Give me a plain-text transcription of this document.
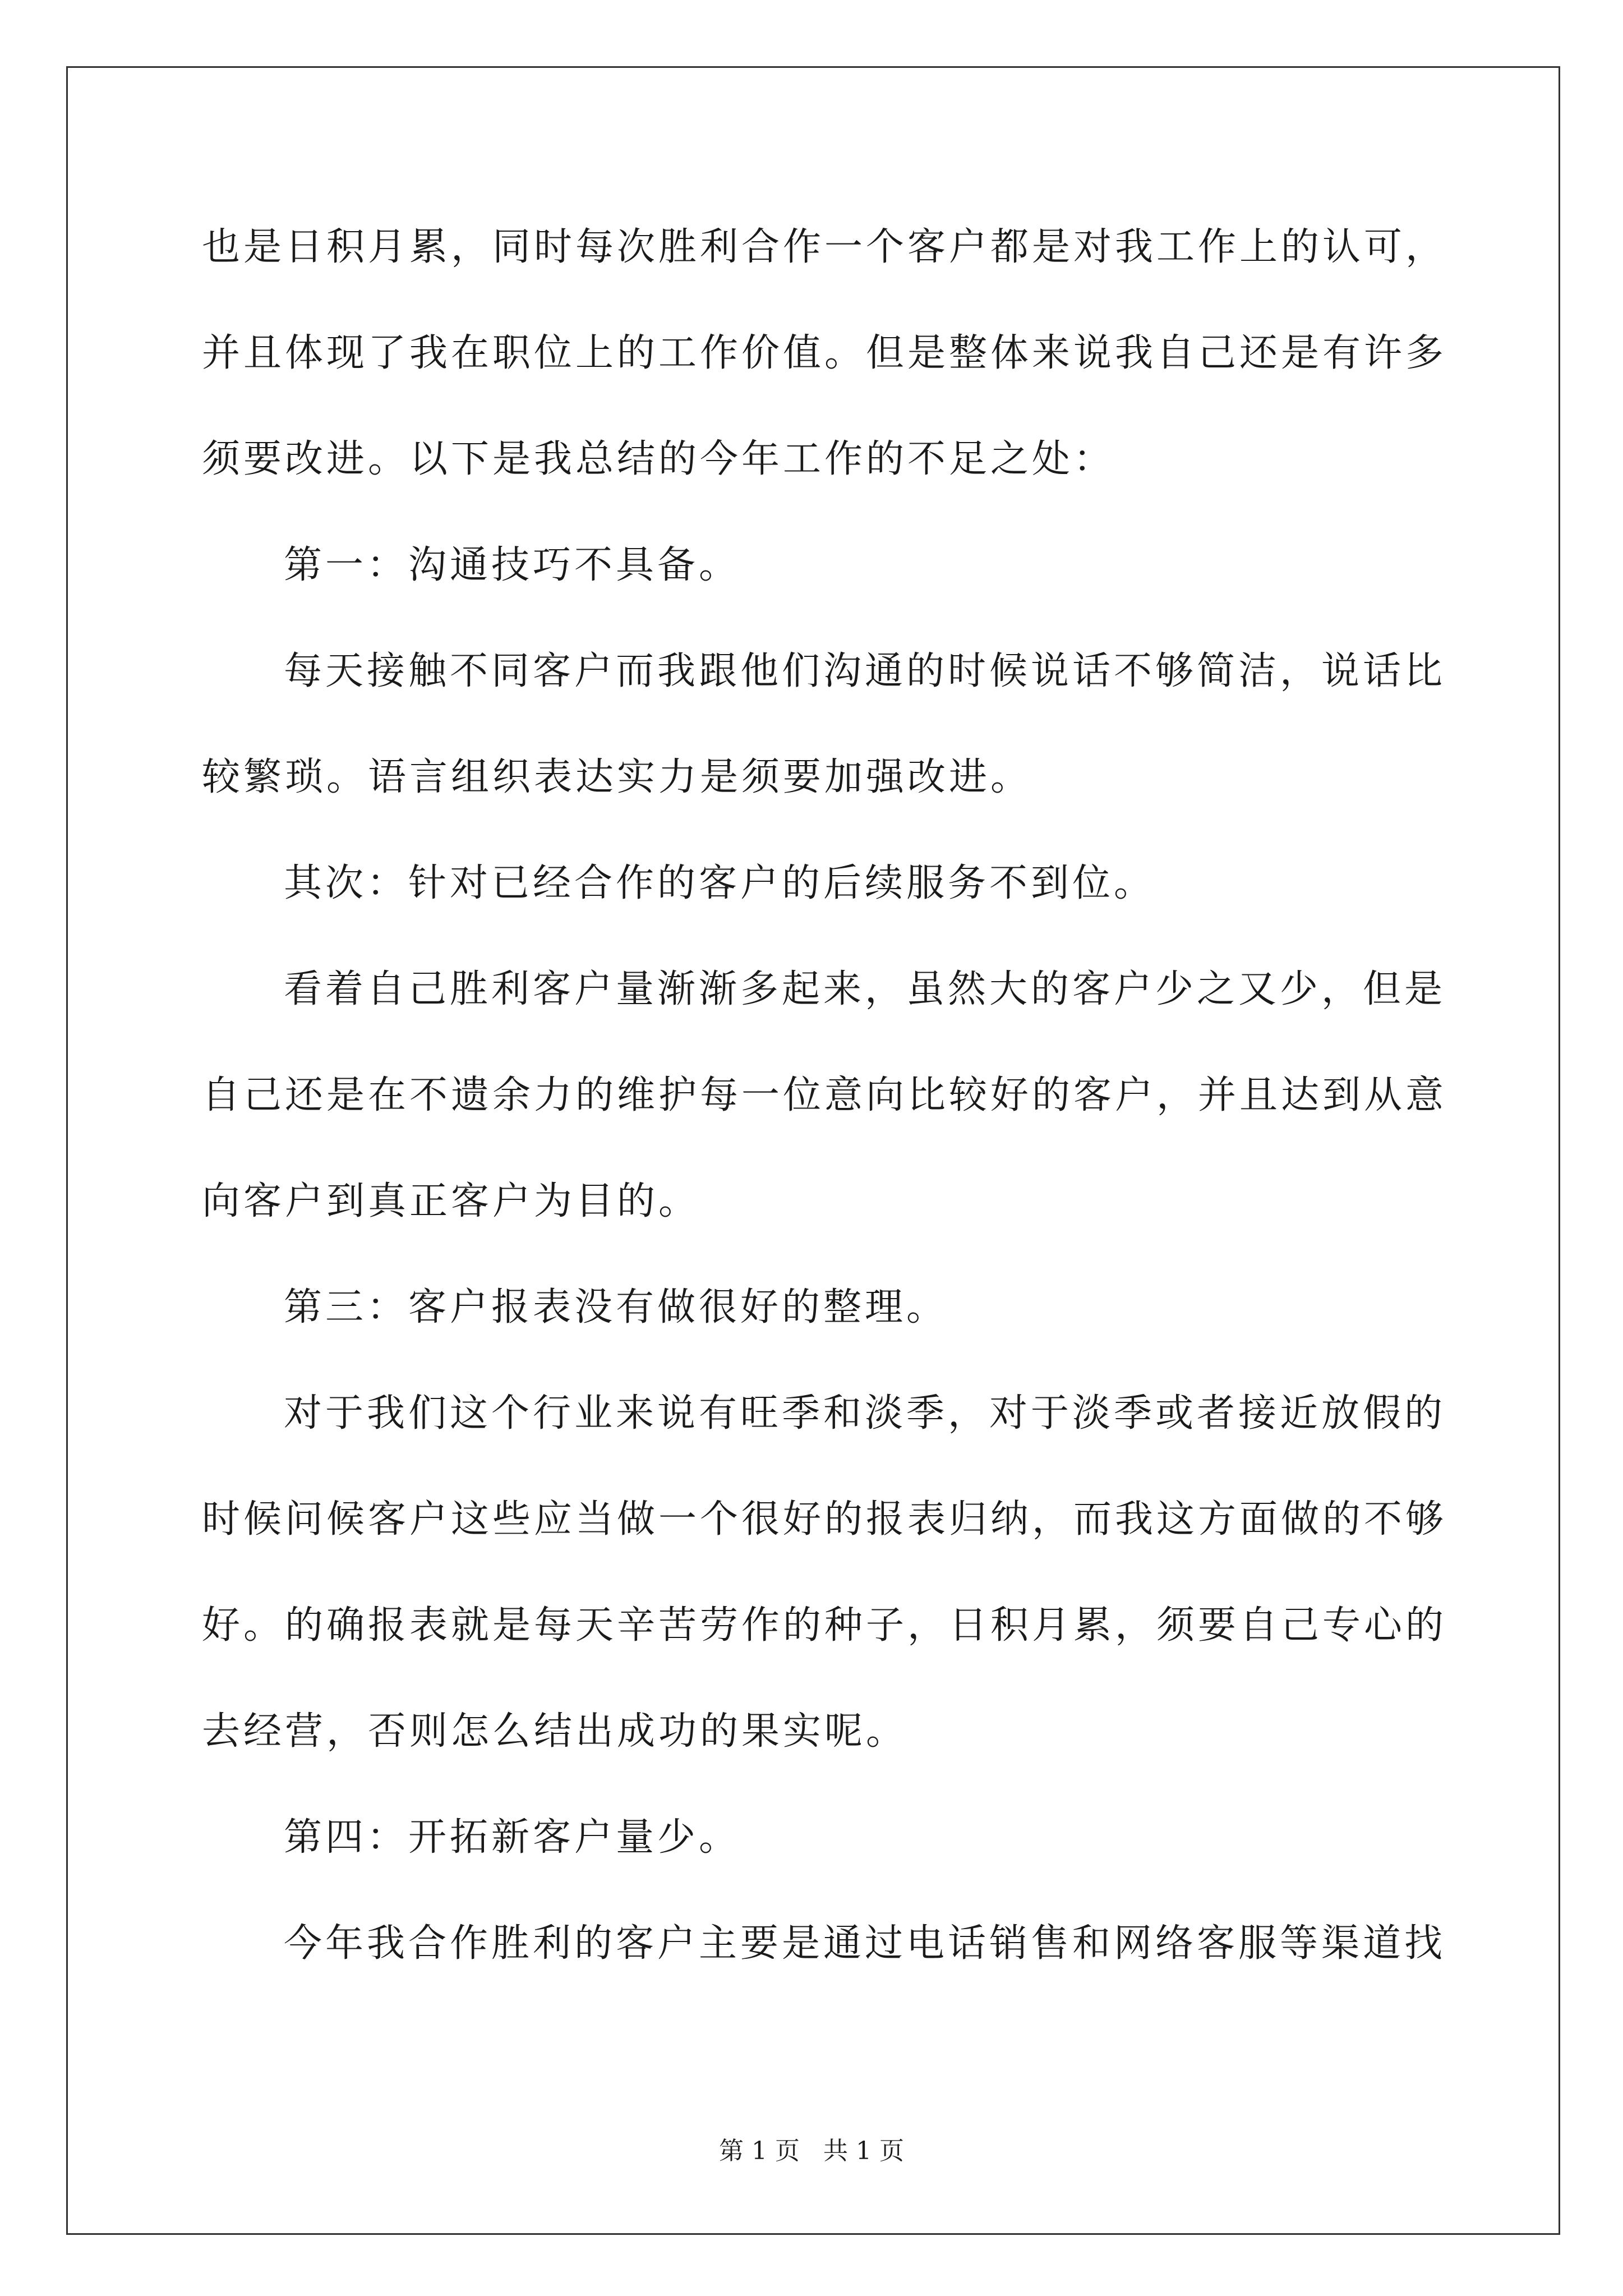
也是日积月累，同时每次胜利合作一个客户都是对我工作上的认可，
并且体现了我在职位上的工作价值。但是整体来说我自己还是有许多
须要改进。以下是我总结的今年工作的不足之处：
第一：沟通技巧不具备。
每天接触不同客户而我跟他们沟通的时候说话不够简洁，说话比
较繁琐。语言组织表达实力是须要加强改进。
其次：针对已经合作的客户的后续服务不到位。
看着自己胜利客户量渐渐多起来，虽然大的客户少之又少，但是
自己还是在不遗余力的维护每一位意向比较好的客户，并且达到从意
向客户到真正客户为目的。
第三：客户报表没有做很好的整理。
对于我们这个行业来说有旺季和淡季，对于淡季或者接近放假的
时候问候客户这些应当做一个很好的报表归纳，而我这方面做的不够
好。的确报表就是每天辛苦劳作的种子，日积月累，须要自己专心的
去经营，否则怎么结出成功的果实呢。
第四：开拓新客户量少。
今年我合作胜利的客户主要是通过电话销售和网络客服等渠道找
第 1 页   共 1 页
